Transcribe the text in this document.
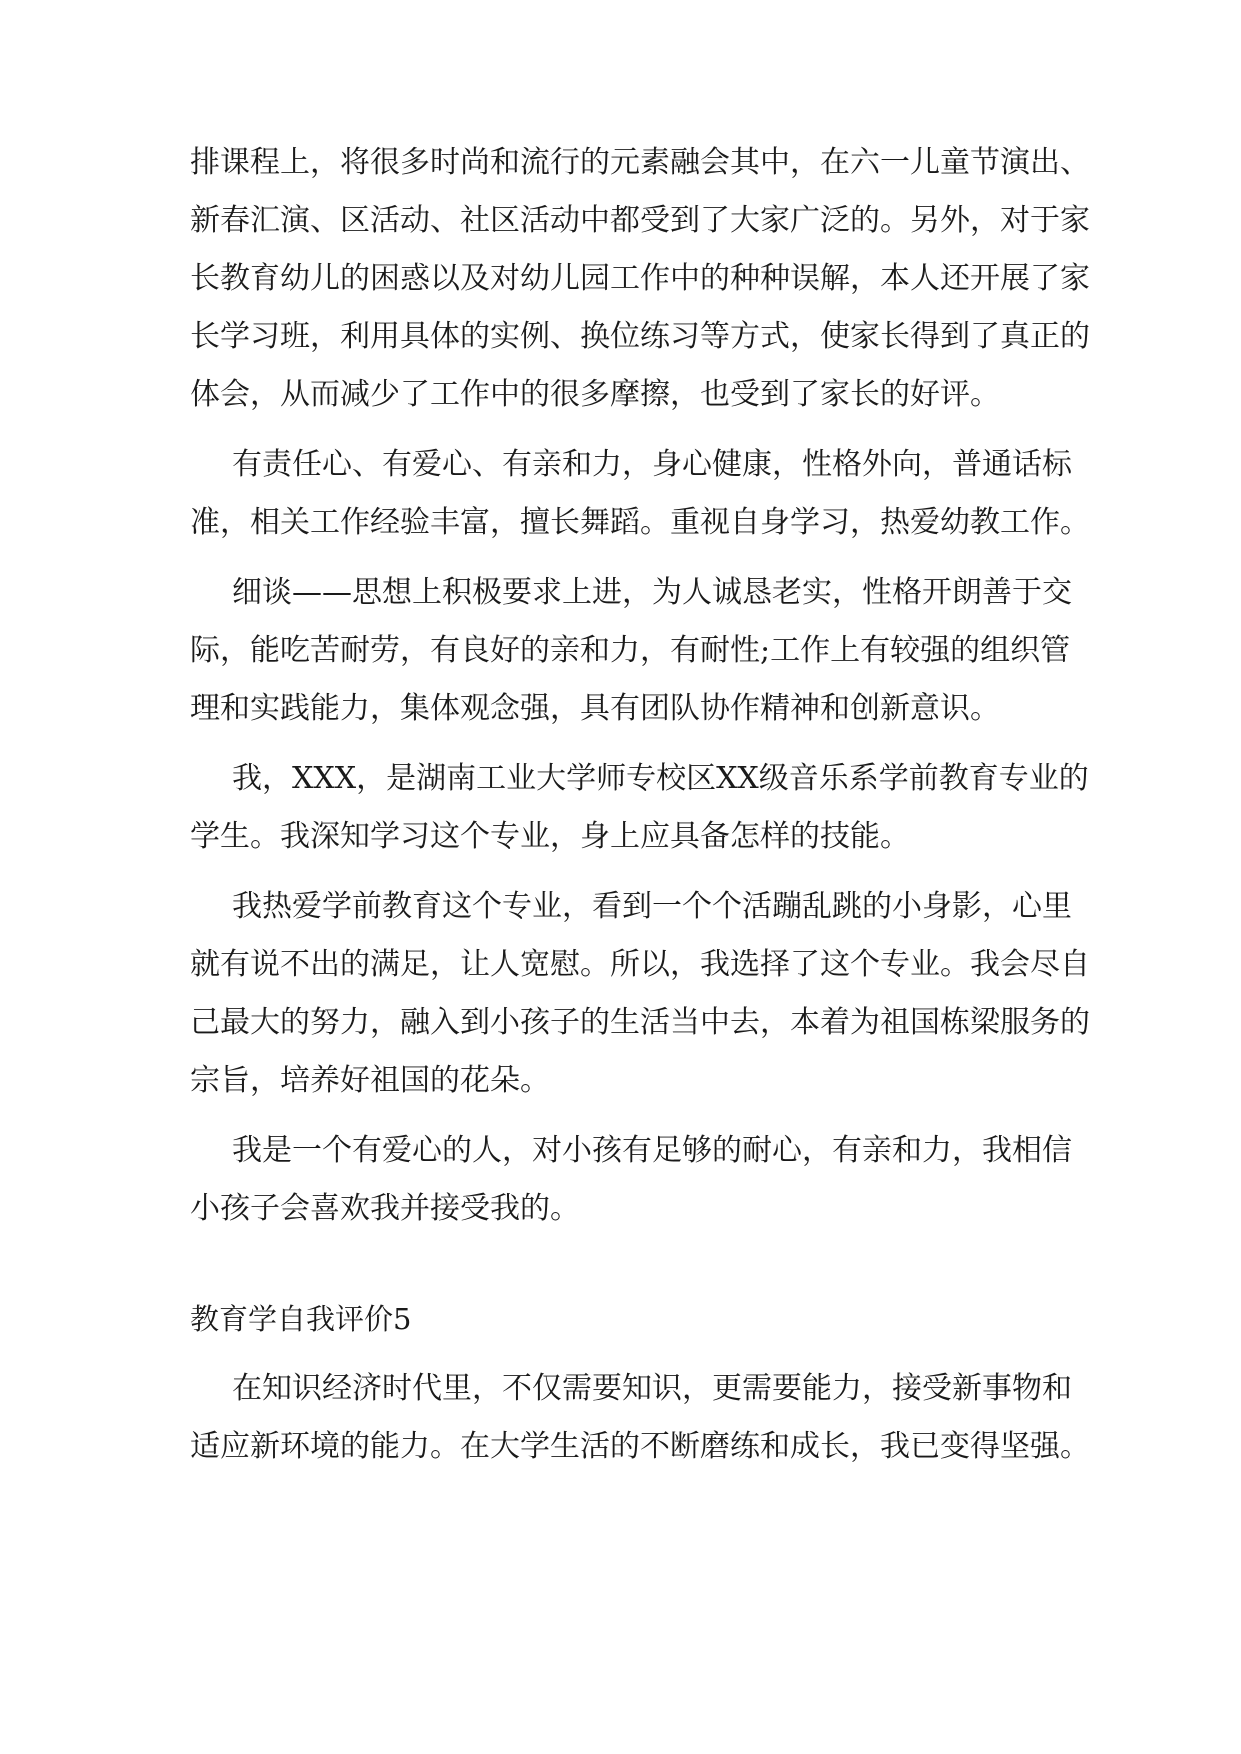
排课程上，将很多时尚和流行的元素融会其中，在六一儿童节演出、
新春汇演、区活动、社区活动中都受到了大家广泛的。另外，对于家
长教育幼儿的困惑以及对幼儿园工作中的种种误解，本人还开展了家
长学习班，利用具体的实例、换位练习等方式，使家长得到了真正的
体会，从而减少了工作中的很多摩擦，也受到了家长的好评。
有责任心、有爱心、有亲和力，身心健康，性格外向，普通话标
准，相关工作经验丰富，擅长舞蹈。重视自身学习，热爱幼教工作。
细谈——思想上积极要求上进，为人诚恳老实，性格开朗善于交
际，能吃苦耐劳，有良好的亲和力，有耐性;工作上有较强的组织管
理和实践能力，集体观念强，具有团队协作精神和创新意识。
我，XXX，是湖南工业大学师专校区XX级音乐系学前教育专业的
学生。我深知学习这个专业，身上应具备怎样的技能。
我热爱学前教育这个专业，看到一个个活蹦乱跳的小身影，心里
就有说不出的满足，让人宽慰。所以，我选择了这个专业。我会尽自
己最大的努力，融入到小孩子的生活当中去，本着为祖国栋梁服务的
宗旨，培养好祖国的花朵。
我是一个有爱心的人，对小孩有足够的耐心，有亲和力，我相信
小孩子会喜欢我并接受我的。
教育学自我评价5
在知识经济时代里，不仅需要知识，更需要能力，接受新事物和
适应新环境的能力。在大学生活的不断磨练和成长，我已变得坚强。
